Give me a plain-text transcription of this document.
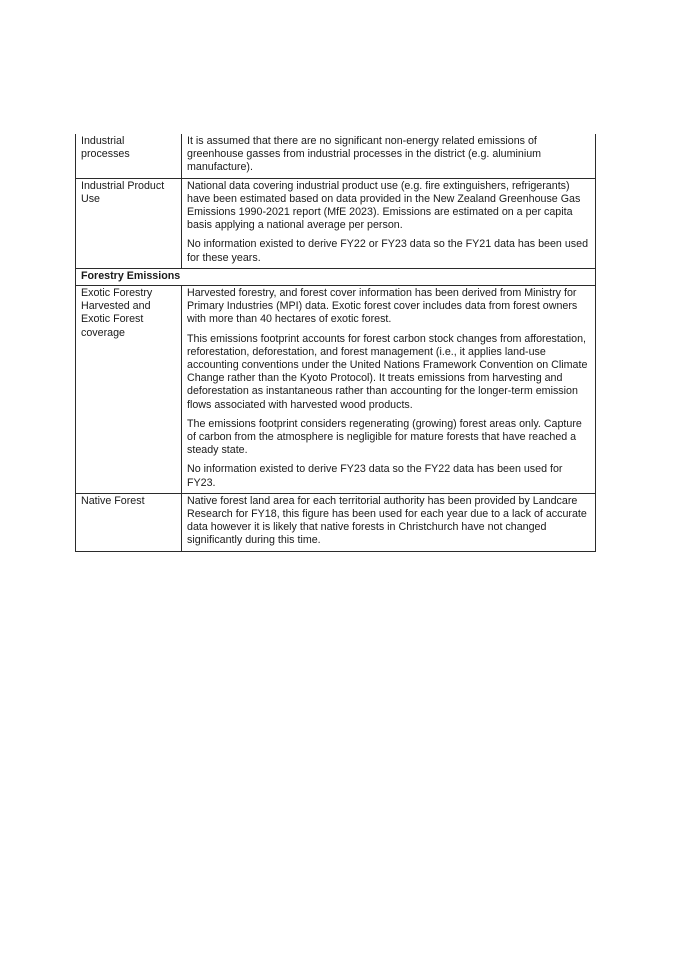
Industrial processes	It is assumed that there are no significant non-energy related emissions of greenhouse gasses from industrial processes in the district (e.g. aluminium manufacture).

Industrial Product Use	National data covering industrial product use (e.g. fire extinguishers, refrigerants) have been estimated based on data provided in the New Zealand Greenhouse Gas Emissions 1990-2021 report (MfE 2023). Emissions are estimated on a per capita basis applying a national average per person.

No information existed to derive FY22 or FY23 data so the FY21 data has been used for these years.

Forestry Emissions	
Exotic Forestry Harvested and Exotic Forest coverage	Harvested forestry, and forest cover information has been derived from Ministry for Primary Industries (MPI) data. Exotic forest cover includes data from forest owners with more than 40 hectares of exotic forest.

This emissions footprint accounts for forest carbon stock changes from afforestation, reforestation, deforestation, and forest management (i.e., it applies land-use accounting conventions under the United Nations Framework Convention on Climate Change rather than the Kyoto Protocol). It treats emissions from harvesting and deforestation as instantaneous rather than accounting for the longer-term emission flows associated with harvested wood products.

The emissions footprint considers regenerating (growing) forest areas only. Capture of carbon from the atmosphere is negligible for mature forests that have reached a steady state.

No information existed to derive FY23 data so the FY22 data has been used for FY23.

Native Forest	Native forest land area for each territorial authority has been provided by Landcare Research for FY18, this figure has been used for each year due to a lack of accurate data however it is likely that native forests in Christchurch have not changed significantly during this time.
